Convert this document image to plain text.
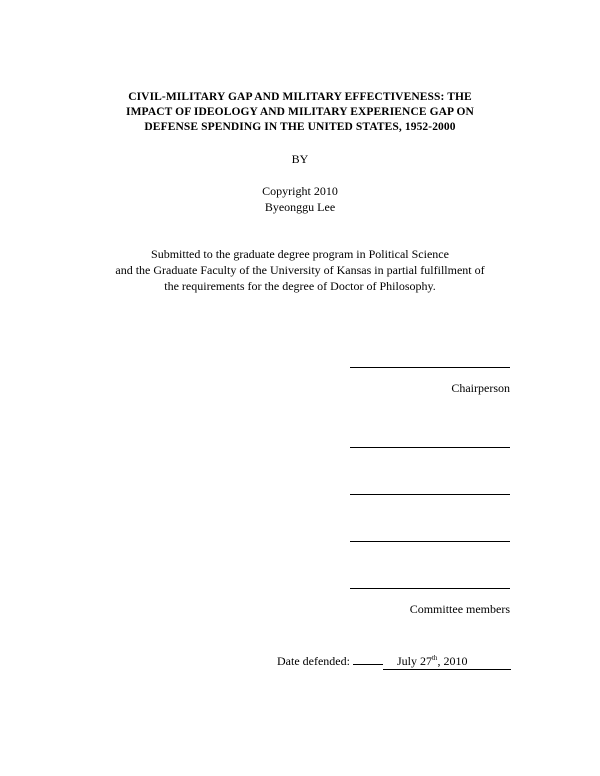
CIVIL-MILITARY GAP AND MILITARY EFFECTIVENESS: THE
IMPACT OF IDEOLOGY AND MILITARY EXPERIENCE GAP ON
DEFENSE SPENDING IN THE UNITED STATES, 1952-2000
BY
Copyright 2010
Byeonggu Lee
Submitted to the graduate degree program in Political Science
and the Graduate Faculty of the University of Kansas in partial fulfillment of
the requirements for the degree of Doctor of Philosophy.
Chairperson
Committee members
Date defended:	July 27th, 2010
